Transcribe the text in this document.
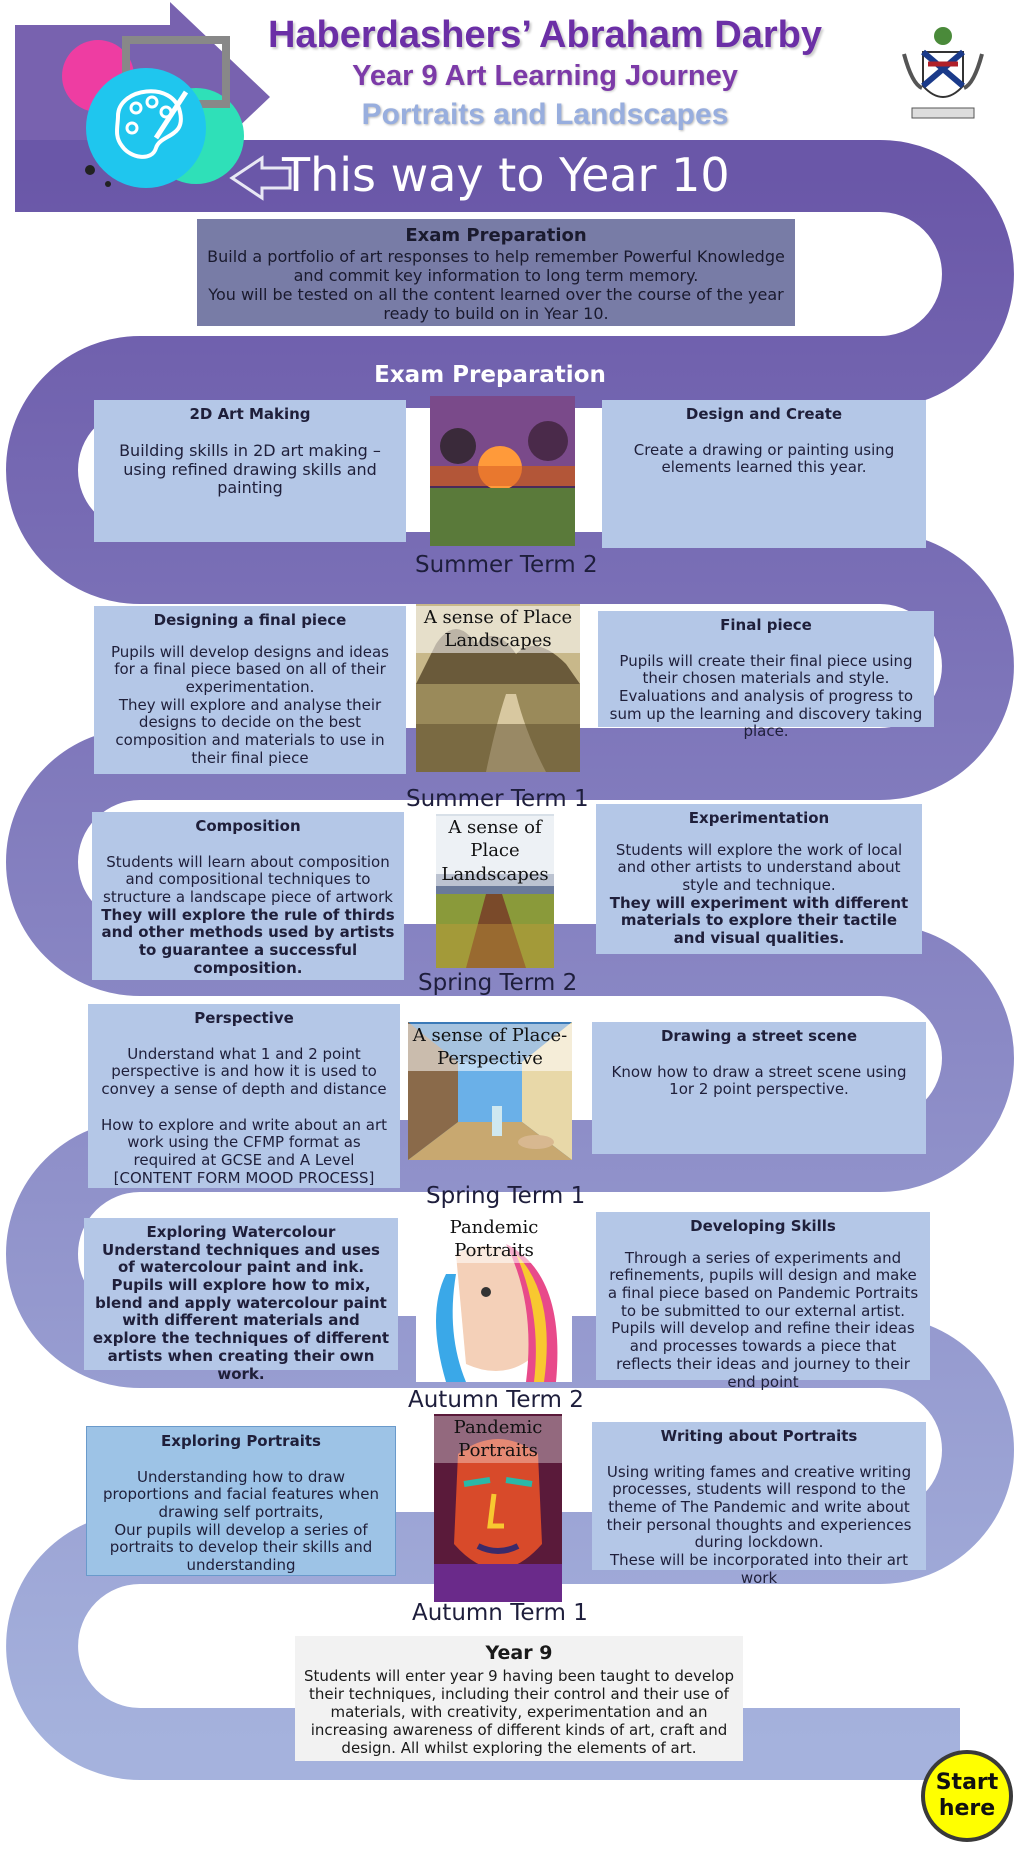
Haberdashers’ Abraham Darby
Year 9 Art Learning Journey
Portraits and Landscapes
This way to Year 10
Exam Preparation
Build a portfolio of art responses to help remember Powerful Knowledge and commit key information to long term memory.
You will be tested on all the content learned over the course of the year ready to build on in Year 10.
Exam Preparation
2D Art Making
Building skills in 2D art making – using refined drawing skills and painting
Design and Create
Create a drawing or painting using elements learned this year.
Summer Term 2
Designing a final piece
Pupils will develop designs and ideas for a final piece based on all of their experimentation.
They will explore and analyse their designs to decide on the best composition and materials to use in their final piece
A sense of Place Landscapes
Final piece
Pupils will create their final piece using their chosen materials and style.
Evaluations and analysis of progress to sum up the learning and discovery taking place.
Summer Term 1
Composition
Students will learn about composition and compositional techniques to structure a landscape piece of artwork
They will explore the rule of thirds and other methods used by artists to guarantee a successful composition.
A sense of Place Landscapes
Experimentation
Students will explore the work of local and other artists to understand about style and technique.
They will experiment with different materials to explore their tactile and visual qualities.
Spring Term 2
Perspective
Understand what 1 and 2 point perspective is and how it is used to convey a sense of depth and distance
How to explore and write about an art work using the CFMP format as required at GCSE and A Level [CONTENT FORM MOOD PROCESS]
A sense of Place- Perspective
Drawing a street scene
Know how to draw a street scene using 1or 2 point perspective.
Spring Term 1
Exploring Watercolour
Understand techniques and uses of watercolour paint and ink.
Pupils will explore how to mix, blend and apply watercolour paint with different materials and explore the techniques of different artists when creating their own work.
Pandemic Portraits
Developing Skills
Through a series of experiments and refinements, pupils will design and make a final piece based on Pandemic Portraits to be submitted to our external artist.
Pupils will develop and refine their ideas and processes towards a piece that reflects their ideas and journey to their end point
Autumn Term 2
Exploring Portraits
Understanding how to draw proportions and facial features when drawing self portraits,
Our pupils will develop a series of portraits to develop their skills and understanding
Pandemic Portraits
Writing about Portraits
Using writing fames and creative writing processes, students will respond to the theme of The Pandemic and write about their personal thoughts and experiences during lockdown.
These will be incorporated into their art work
Autumn Term 1
Year 9
Students will enter year 9 having been taught to develop their techniques, including their control and their use of materials, with creativity, experimentation and an increasing awareness of different kinds of art, craft and design. All whilst exploring the elements of art.
Start
here
